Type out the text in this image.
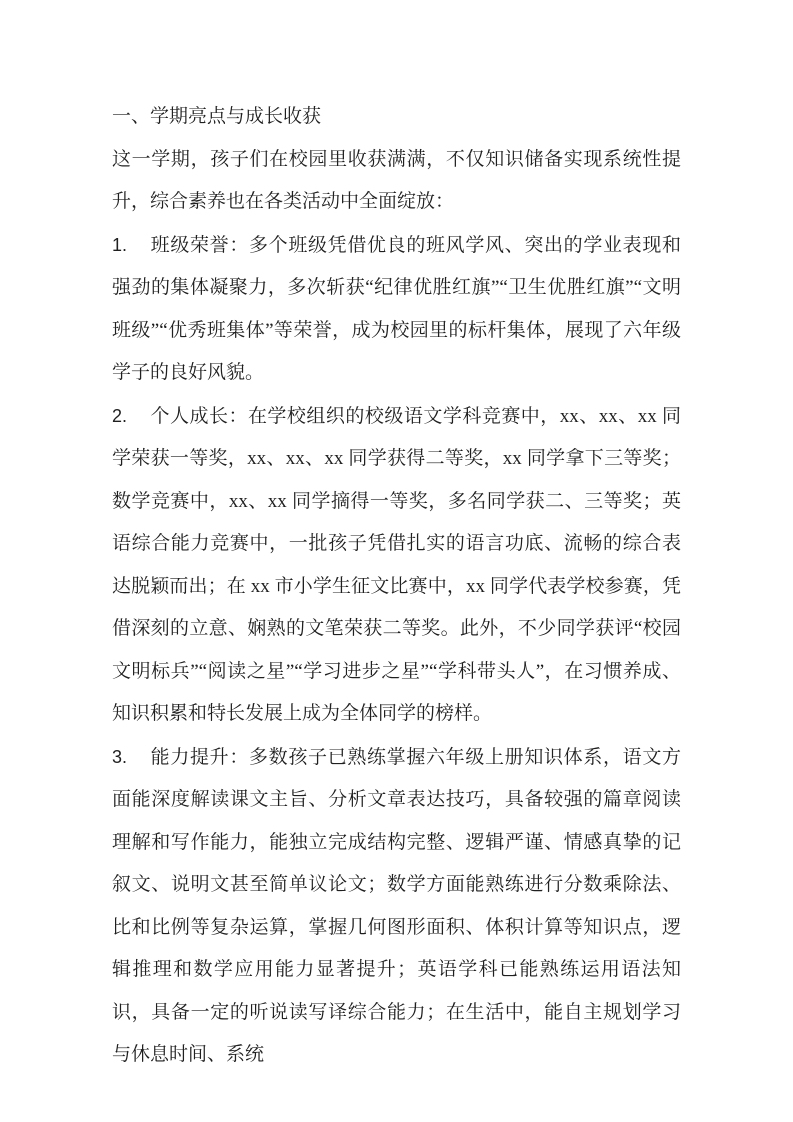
一、学期亮点与成长收获

这一学期，孩子们在校园里收获满满，不仅知识储备实现系统性提升，综合素养也在各类活动中全面绽放：

1. 班级荣誉：多个班级凭借优良的班风学风、突出的学业表现和强劲的集体凝聚力，多次斩获“纪律优胜红旗”“卫生优胜红旗”“文明班级”“优秀班集体”等荣誉，成为校园里的标杆集体，展现了六年级学子的良好风貌。

2. 个人成长：在学校组织的校级语文学科竞赛中，xx、xx、xx 同学荣获一等奖，xx、xx、xx 同学获得二等奖，xx 同学拿下三等奖；数学竞赛中，xx、xx 同学摘得一等奖，多名同学获二、三等奖；英语综合能力竞赛中，一批孩子凭借扎实的语言功底、流畅的综合表达脱颖而出；在 xx 市小学生征文比赛中，xx 同学代表学校参赛，凭借深刻的立意、娴熟的文笔荣获二等奖。此外，不少同学获评“校园文明标兵”“阅读之星”“学习进步之星”“学科带头人”，在习惯养成、知识积累和特长发展上成为全体同学的榜样。

3. 能力提升：多数孩子已熟练掌握六年级上册知识体系，语文方面能深度解读课文主旨、分析文章表达技巧，具备较强的篇章阅读理解和写作能力，能独立完成结构完整、逻辑严谨、情感真挚的记叙文、说明文甚至简单议论文；数学方面能熟练进行分数乘除法、比和比例等复杂运算，掌握几何图形面积、体积计算等知识点，逻辑推理和数学应用能力显著提升；英语学科已能熟练运用语法知识，具备一定的听说读写译综合能力；在生活中，能自主规划学习与休息时间、系统
